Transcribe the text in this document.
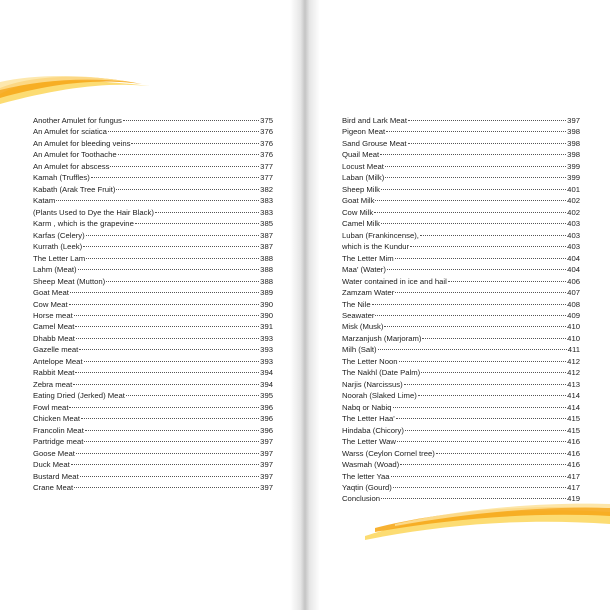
Another Amulet for fungus	375
An Amulet for sciatica	376
An Amulet for bleeding veins	376
An Amulet for Toothache	376
An Amulet for abscess	377
Kamah (Truffles)	377
Kabath (Arak Tree Fruit)	382
Katam	383
(Plants Used to Dye the Hair Black)	383
Karm , which is the grapevine	385
Karfas (Celery)	387
Kurrath (Leek)	387
The Letter Lam	388
Lahm (Meat)	388
Sheep Meat (Mutton)	388
Goat Meat	389
Cow Meat	390
Horse meat	390
Camel Meat	391
Dhabb Meat	393
Gazelle meat	393
Antelope Meat	393
Rabbit Meat	394
Zebra meat	394
Eating Dried (Jerked) Meat	395
Fowl meat	396
Chicken Meat	396
Francolin Meat	396
Partridge meat	397
Goose Meat	397
Duck Meat	397
Bustard Meat	397
Crane Meat	397
Bird and Lark Meat	397
Pigeon Meat	398
Sand Grouse Meat	398
Quail Meat	398
Locust Meat	399
Laban (Milk)	399
Sheep Milk	401
Goat Milk	402
Cow Milk	402
Camel Milk	403
Luban (Frankincense),	403
which is the Kundur	403
The Letter Mim	404
Maa' (Water)	404
Water contained in ice and hail	406
Zamzam Water	407
The Nile	408
Seawater	409
Misk (Musk)	410
Marzanjush (Marjoram)	410
Milh (Salt)	411
The Letter Noon	412
The Nakhl (Date Palm)	412
Narjis (Narcissus)	413
Noorah (Slaked Lime)	414
Nabq or Nabiq	414
The Letter Haa'	415
Hindaba (Chicory)	415
The Letter Waw	416
Warss (Ceylon Cornel tree)	416
Wasmah (Woad)	416
The letter Yaa	417
Yaqtin (Gourd)	417
Conclusion	419
